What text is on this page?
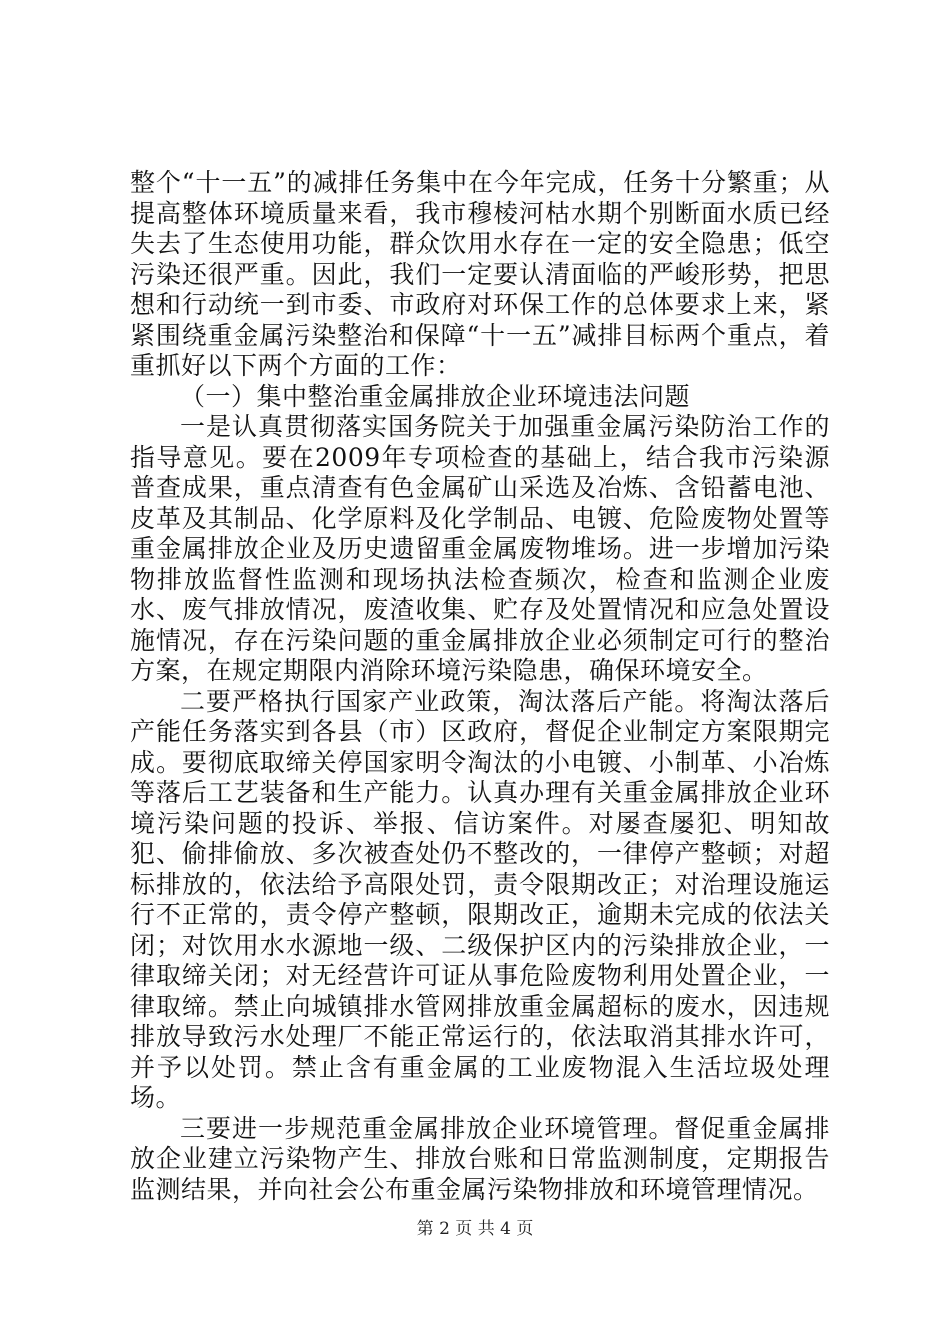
整个“十一五”的减排任务集中在今年完成，任务十分繁重；从提高整体环境质量来看，我市穆棱河枯水期个别断面水质已经失去了生态使用功能，群众饮用水存在一定的安全隐患；低空污染还很严重。因此，我们一定要认清面临的严峻形势，把思想和行动统一到市委、市政府对环保工作的总体要求上来，紧紧围绕重金属污染整治和保障“十一五”减排目标两个重点，着重抓好以下两个方面的工作：

（一）集中整治重金属排放企业环境违法问题

一是认真贯彻落实国务院关于加强重金属污染防治工作的指导意见。要在2009年专项检查的基础上，结合我市污染源普查成果，重点清查有色金属矿山采选及冶炼、含铅蓄电池、皮革及其制品、化学原料及化学制品、电镀、危险废物处置等重金属排放企业及历史遗留重金属废物堆场。进一步增加污染物排放监督性监测和现场执法检查频次，检查和监测企业废水、废气排放情况，废渣收集、贮存及处置情况和应急处置设施情况，存在污染问题的重金属排放企业必须制定可行的整治方案，在规定期限内消除环境污染隐患，确保环境安全。

二要严格执行国家产业政策，淘汰落后产能。将淘汰落后产能任务落实到各县（市）区政府，督促企业制定方案限期完成。要彻底取缔关停国家明令淘汰的小电镀、小制革、小冶炼等落后工艺装备和生产能力。认真办理有关重金属排放企业环境污染问题的投诉、举报、信访案件。对屡查屡犯、明知故犯、偷排偷放、多次被查处仍不整改的，一律停产整顿；对超标排放的，依法给予高限处罚，责令限期改正；对治理设施运行不正常的，责令停产整顿，限期改正，逾期未完成的依法关闭；对饮用水水源地一级、二级保护区内的污染排放企业，一律取缔关闭；对无经营许可证从事危险废物利用处置企业，一律取缔。禁止向城镇排水管网排放重金属超标的废水，因违规排放导致污水处理厂不能正常运行的，依法取消其排水许可，并予以处罚。禁止含有重金属的工业废物混入生活垃圾处理场。

三要进一步规范重金属排放企业环境管理。督促重金属排放企业建立污染物产生、排放台账和日常监测制度，定期报告监测结果，并向社会公布重金属污染物排放和环境管理情况。

第 2 页 共 4 页
